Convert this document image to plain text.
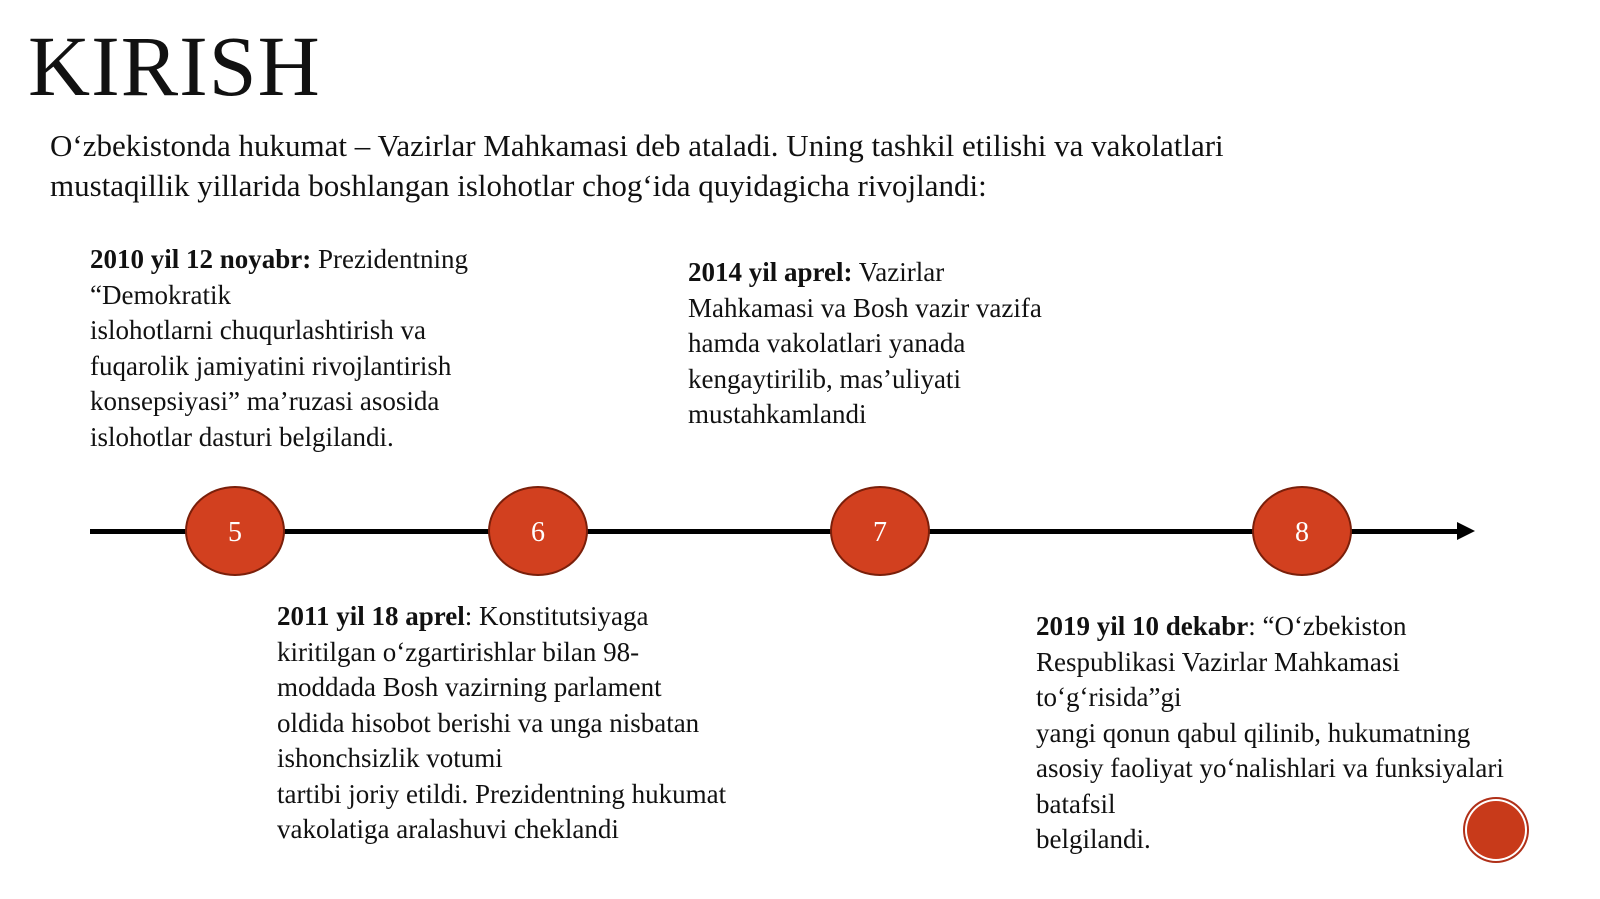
KIRISH

O‘zbekistonda hukumat – Vazirlar Mahkamasi deb ataladi. Uning tashkil etilishi va vakolatlari
mustaqillik yillarida boshlangan islohotlar chog‘ida quyidagicha rivojlandi:

2010 yil 12 noyabr: Prezidentning
“Demokratik
islohotlarni chuqurlashtirish va
fuqarolik jamiyatini rivojlantirish
konsepsiyasi” ma’ruzasi asosida
islohotlar dasturi belgilandi.
2014 yil aprel: Vazirlar
Mahkamasi va Bosh vazir vazifa
hamda vakolatlari yanada
kengaytirilib, mas’uliyati
mustahkamlandi
5	6	7	8
2011 yil 18 aprel: Konstitutsiyaga
kiritilgan o‘zgartirishlar bilan 98-
moddada Bosh vazirning parlament
oldida hisobot berishi va unga nisbatan
ishonchsizlik votumi
tartibi joriy etildi. Prezidentning hukumat
vakolatiga aralashuvi cheklandi
2019 yil 10 dekabr: “O‘zbekiston
Respublikasi Vazirlar Mahkamasi
to‘g‘risida”gi
yangi qonun qabul qilinib, hukumatning
asosiy faoliyat yo‘nalishlari va funksiyalari
batafsil
belgilandi.
